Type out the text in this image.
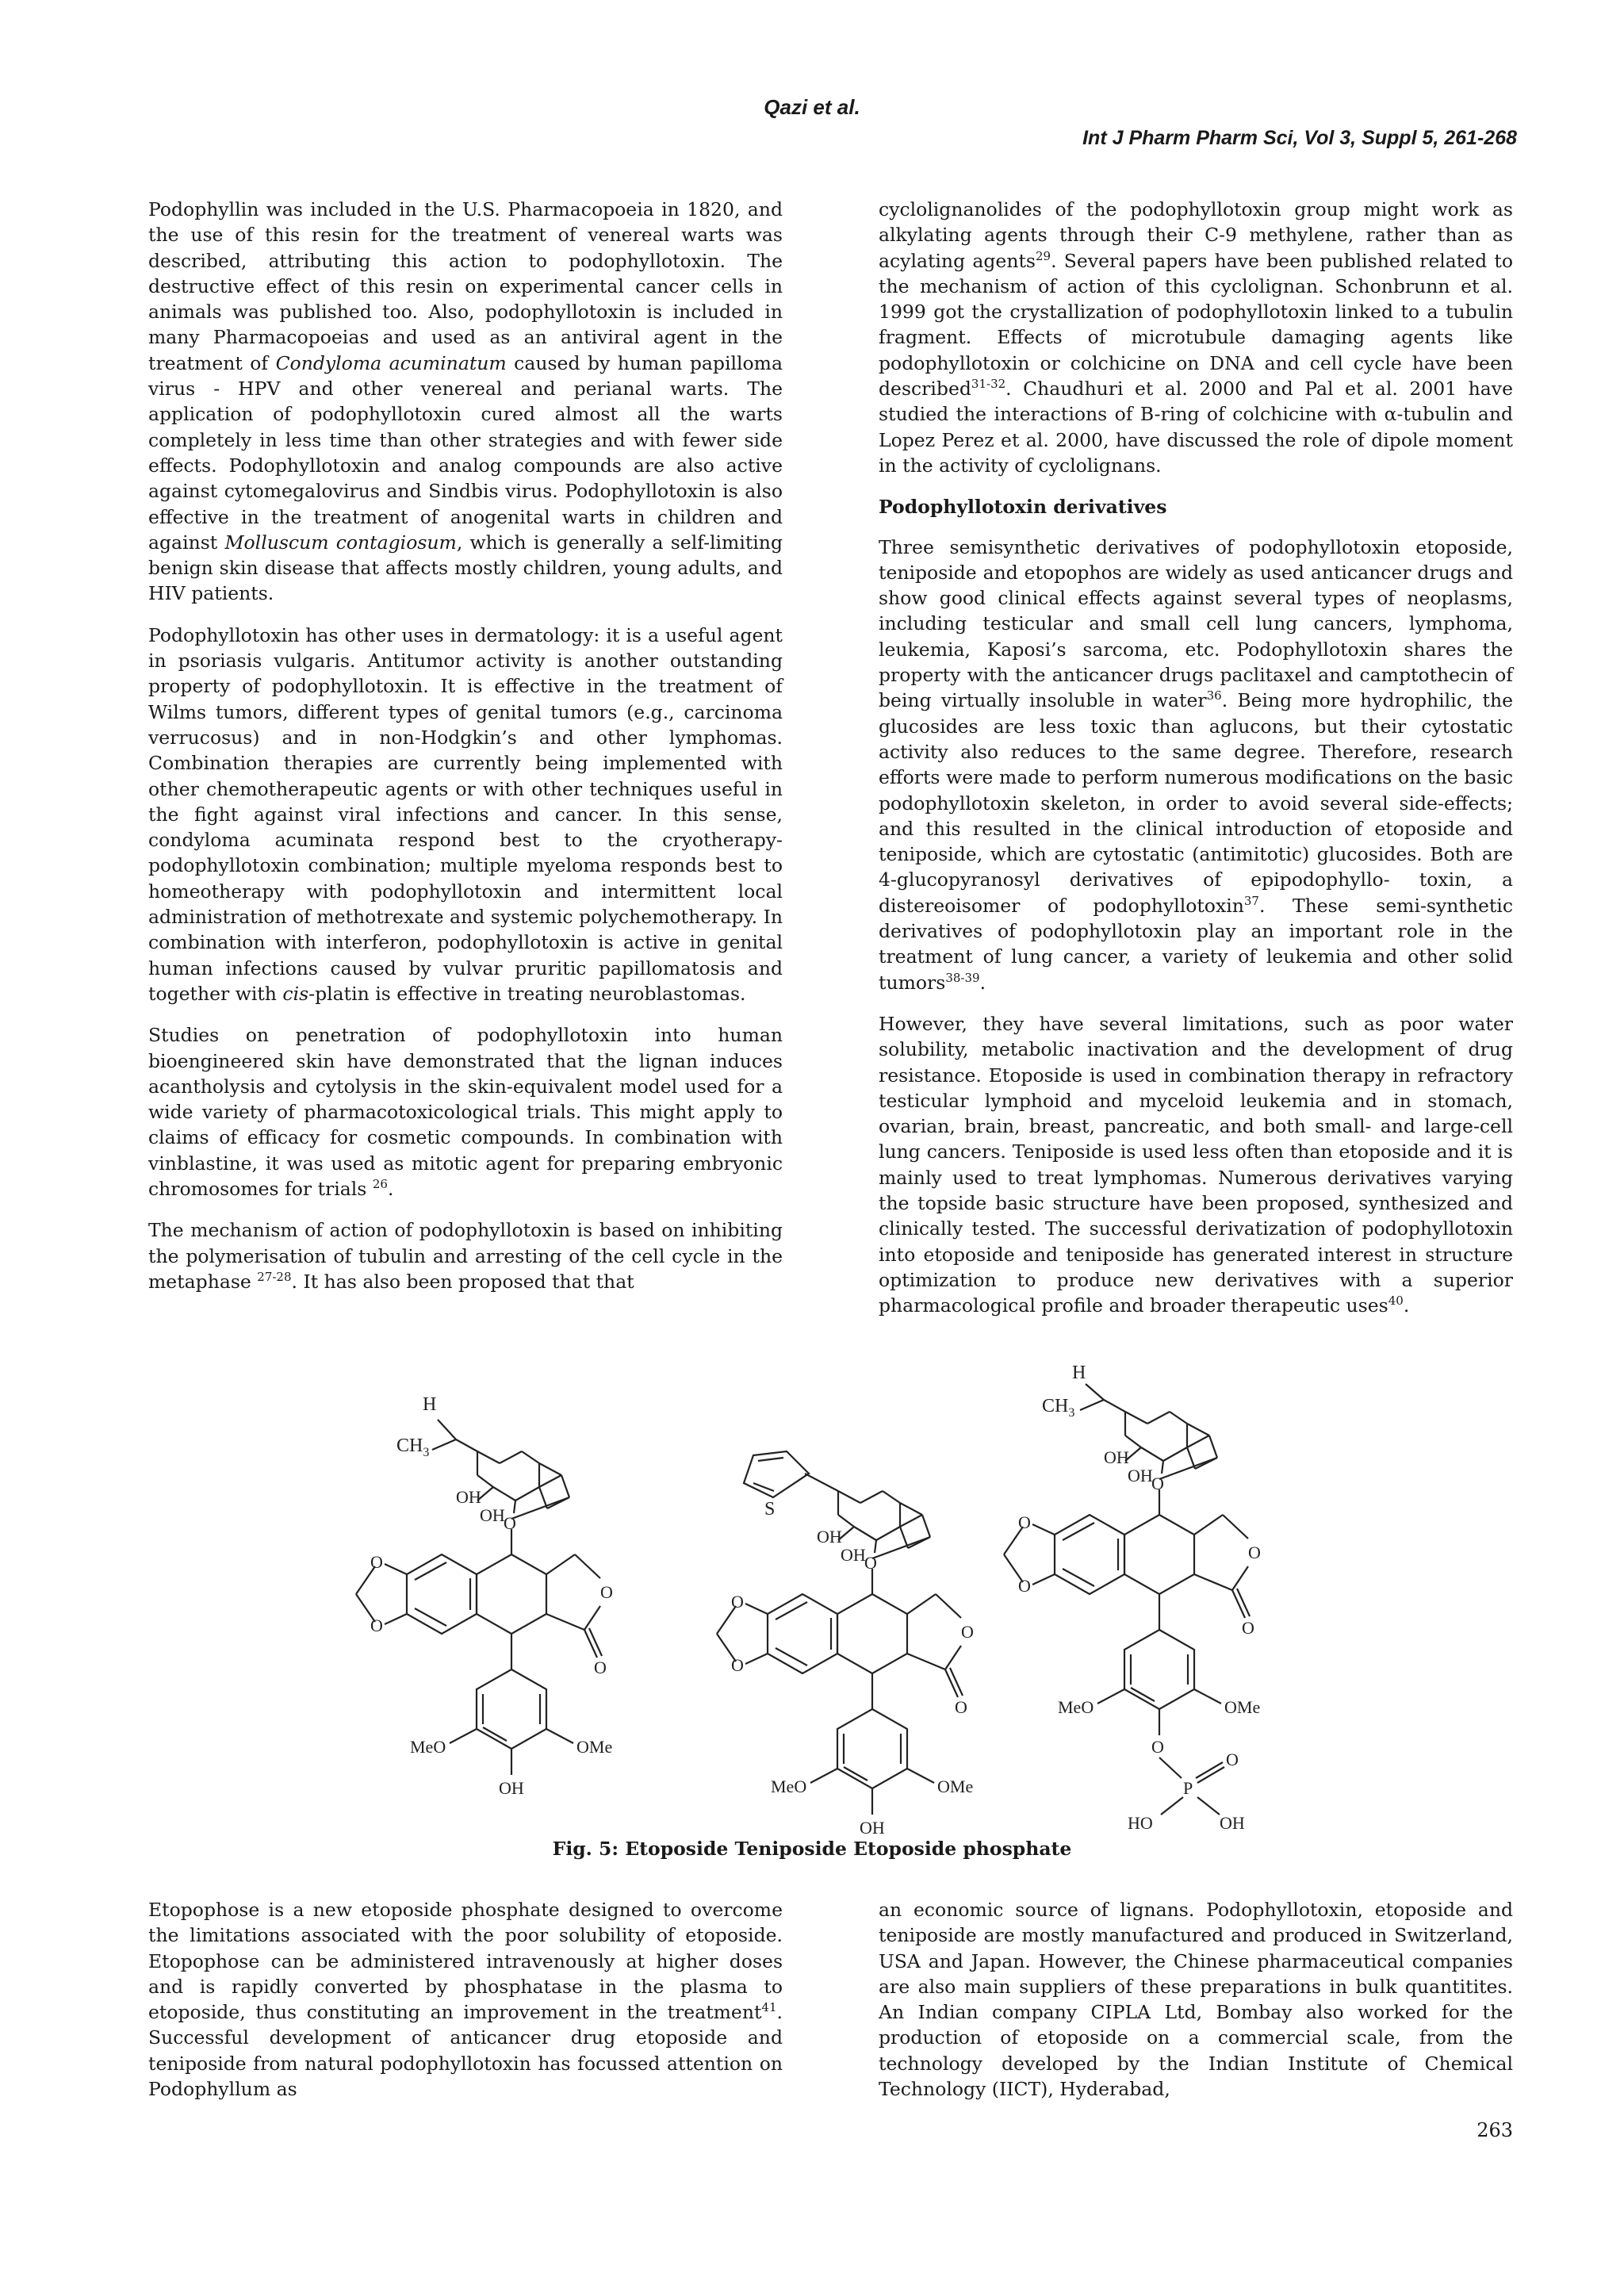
Qazi et al.
Int J Pharm Pharm Sci, Vol 3, Suppl 5, 261-268

Podophyllin was included in the U.S. Pharmacopoeia in 1820, and the use of this resin for the treatment of venereal warts was described, attributing this action to podophyllotoxin. The destructive effect of this resin on experimental cancer cells in animals was published too. Also, podophyllotoxin is included in many Pharmacopoeias and used as an antiviral agent in the treatment of Condyloma acuminatum caused by human papilloma virus - HPV and other venereal and perianal warts. The application of podophyllotoxin cured almost all the warts completely in less time than other strategies and with fewer side effects. Podophyllotoxin and analog compounds are also active against cytomegalovirus and Sindbis virus. Podophyllotoxin is also effective in the treatment of anogenital warts in children and against Molluscum contagiosum, which is generally a self-limiting benign skin disease that affects mostly children, young adults, and HIV patients.

Podophyllotoxin has other uses in dermatology: it is a useful agent in psoriasis vulgaris. Antitumor activity is another outstanding property of podophyllotoxin. It is effective in the treatment of Wilms tumors, different types of genital tumors (e.g., carcinoma verrucosus) and in non-Hodgkin’s and other lymphomas. Combination therapies are currently being implemented with other chemotherapeutic agents or with other techniques useful in the fight against viral infections and cancer. In this sense, condyloma acuminata respond best to the cryotherapy-podophyllotoxin combination; multiple myeloma responds best to homeotherapy with podophyllotoxin and intermittent local administration of methotrexate and systemic polychemotherapy. In combination with interferon, podophyllotoxin is active in genital human infections caused by vulvar pruritic papillomatosis and together with cis-platin is effective in treating neuroblastomas.

Studies on penetration of podophyllotoxin into human bioengineered skin have demonstrated that the lignan induces acantholysis and cytolysis in the skin-equivalent model used for a wide variety of pharmacotoxicological trials. This might apply to claims of efficacy for cosmetic compounds. In combination with vinblastine, it was used as mitotic agent for preparing embryonic chromosomes for trials $^{26}$.

The mechanism of action of podophyllotoxin is based on inhibiting the polymerisation of tubulin and arresting of the cell cycle in the metaphase $^{27-28}$. It has also been proposed that that

cyclolignanolides of the podophyllotoxin group might work as alkylating agents through their C-9 methylene, rather than as acylating agents$^{29}$. Several papers have been published related to the mechanism of action of this cyclolignan. Schonbrunn et al. 1999 got the crystallization of podophyllotoxin linked to a tubulin fragment. Effects of microtubule damaging agents like podophyllotoxin or colchicine on DNA and cell cycle have been described$^{31-32}$. Chaudhuri et al. 2000 and Pal et al. 2001 have studied the interactions of B-ring of colchicine with α-tubulin and Lopez Perez et al. 2000, have discussed the role of dipole moment in the activity of cyclolignans.

Podophyllotoxin derivatives

Three semisynthetic derivatives of podophyllotoxin etoposide, teniposide and etopophos are widely as used anticancer drugs and show good clinical effects against several types of neoplasms, including testicular and small cell lung cancers, lymphoma, leukemia, Kaposi’s sarcoma, etc. Podophyllotoxin shares the property with the anticancer drugs paclitaxel and camptothecin of being virtually insoluble in water$^{36}$. Being more hydrophilic, the glucosides are less toxic than aglucons, but their cytostatic activity also reduces to the same degree. Therefore, research efforts were made to perform numerous modifications on the basic podophyllotoxin skeleton, in order to avoid several side-effects; and this resulted in the clinical introduction of etoposide and teniposide, which are cytostatic (antimitotic) glucosides. Both are 4-glucopyranosyl derivatives of epipodophyllo- toxin, a distereoisomer of podophyllotoxin$^{37}$. These semi-synthetic derivatives of podophyllotoxin play an important role in the treatment of lung cancer, a variety of leukemia and other solid tumors$^{38-39}$.

However, they have several limitations, such as poor water solubility, metabolic inactivation and the development of drug resistance. Etoposide is used in combination therapy in refractory testicular lymphoid and myceloid leukemia and in stomach, ovarian, brain, breast, pancreatic, and both small- and large-cell lung cancers. Teniposide is used less often than etoposide and it is mainly used to treat lymphomas. Numerous derivatives varying the topside basic structure have been proposed, synthesized and clinically tested. The successful derivatization of podophyllotoxin into etoposide and teniposide has generated interest in structure optimization to produce new derivatives with a superior pharmacological profile and broader therapeutic uses$^{40}$.

H
$CH_3$
OH
OH
O
O
O
O
O
MeO	OMe
OH
S
OH
OH
O
O
O
O
O
MeO	OMe
OH
H
$CH_3$
OH
OH
O
O
O
O
O
MeO	OMe
O
P
O
HO	OH
Fig. 5: Etoposide Teniposide Etoposide phosphate

Etopophose is a new etoposide phosphate designed to overcome the limitations associated with the poor solubility of etoposide. Etopophose can be administered intravenously at higher doses and is rapidly converted by phosphatase in the plasma to etoposide, thus constituting an improvement in the treatment$^{41}$. Successful development of anticancer drug etoposide and teniposide from natural podophyllotoxin has focussed attention on Podophyllum as

an economic source of lignans. Podophyllotoxin, etoposide and teniposide are mostly manufactured and produced in Switzerland, USA and Japan. However, the Chinese pharmaceutical companies are also main suppliers of these preparations in bulk quantitites. An Indian company CIPLA Ltd, Bombay also worked for the production of etoposide on a commercial scale, from the technology developed by the Indian Institute of Chemical Technology (IICT), Hyderabad,

263
